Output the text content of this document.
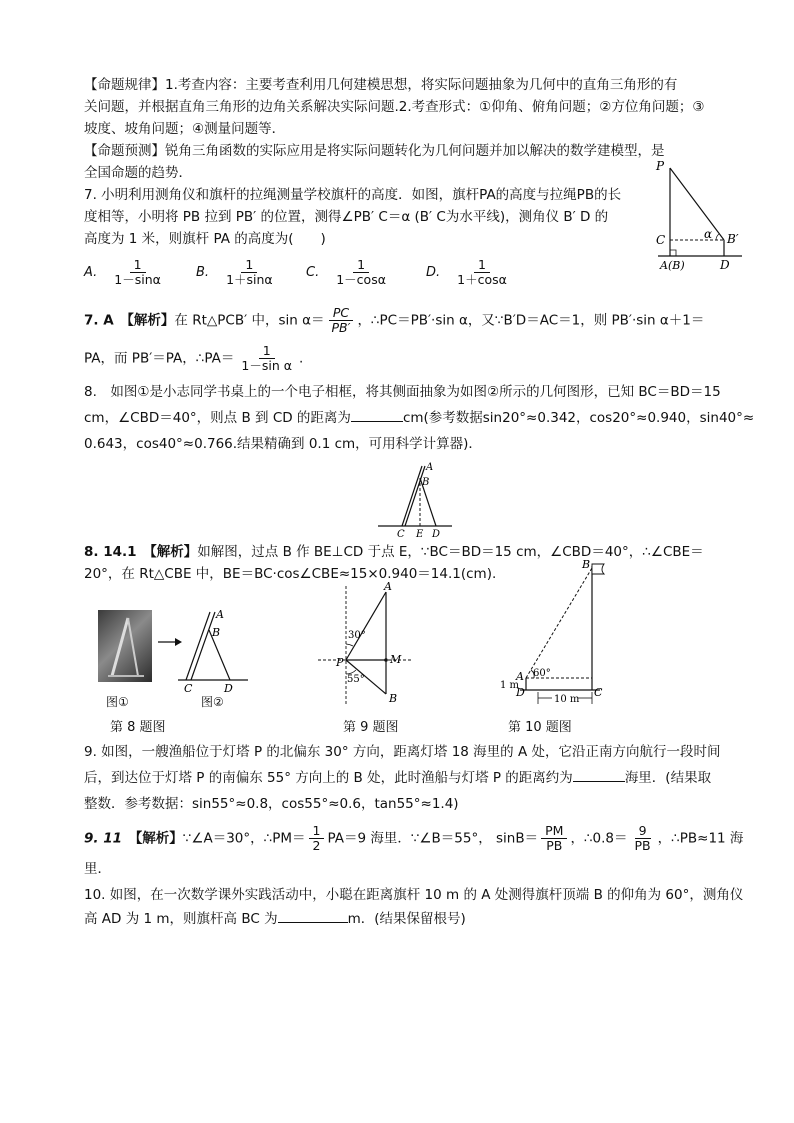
【命题规律】1.考查内容：主要考查利用几何建模思想，将实际问题抽象为几何中的直角三角形的有
关问题，并根据直角三角形的边角关系解决实际问题.2.考查形式：①仰角、俯角问题；②方位角问题；③
坡度、坡角问题；④测量问题等．
【命题预测】锐角三角函数的实际应用是将实际问题转化为几何问题并加以解决的数学建模型，是
全国命题的趋势．
7. 小明利用测角仪和旗杆的拉绳测量学校旗杆的高度．如图，旗杆PA的高度与拉绳PB的长
度相等，小明将 PB 拉到 PB′ 的位置，测得∠PB′ C＝α (B′ C为水平线)，测角仪 B′ D 的
高度为 1 米，则旗杆 PA 的高度为(　　)
A. $\frac{1}{1-\sin\alpha} B$. $\frac{1}{1+\sin\alpha} C$. $\frac{1}{1-\cos\alpha}$	D. $\frac{1}{1+\cos\alpha}$
P
C	α B′
A(B)	D
7. A　 【解析】在 Rt△PCB′ 中，$\sin \alpha= \frac{PC}{PB'}$ ，∴PC＝PB′·sin α，又∵B′D＝AC＝1，则 PB′·sin α＋1＝
PA，而 PB′＝PA，∴PA＝ $\frac{1}{\text{1－sin α}}$ .
8.　如图①是小志同学书桌上的一个电子相框，将其侧面抽象为如图②所示的几何图形，已知 BC＝BD＝15
cm，∠CBD＝40°，则点 B 到 CD 的距离为	cm(参考数据sin20°≈0.342，cos20°≈0.940，sin40°≈
0.643，cos40°≈0.766.结果精确到 0.1 cm，可用科学计算器)．
A
B
C E D
8. 14.1　 【解析】如解图，过点 B 作 BE⊥CD 于点 E，∵BC＝BD＝15 cm，∠CBD＝40°，∴∠CBE＝
20°，在 Rt△CBE 中，BE＝BC·cos∠CBE≈15×0.940＝14.1(cm).
A
B
C	D
图①	图②
第 8 题图
A
M
P
B
30°
55°
第 9 题图
B
A
D	C
60°
1 m
10 m
第 10 题图
9. 如图，一艘渔船位于灯塔 P 的北偏东 30° 方向，距离灯塔 18 海里的 A 处，它沿正南方向航行一段时间
后，到达位于灯塔 P 的南偏东 55° 方向上的 B 处，此时渔船与灯塔 P 的距离约为	海里．(结果取
整数．参考数据：sin55°≈0.8，cos55°≈0.6，tan55°≈1.4)
9. 11　 【解析】∵∠A＝30°，∴PM＝ $\frac{1}{2} PA=9$ 海里．∵∠B＝55°， $\sin B= \frac{PM}{PB}$ ，∴0.8＝ $\frac{9}{PB}$ ，∴PB≈11 海
里．
10. 如图，在一次数学课外实践活动中，小聪在距离旗杆 10 m 的 A 处测得旗杆顶端 B 的仰角为 60°，测角仪
高 AD 为 1 m，则旗杆高 BC 为	m．(结果保留根号)
